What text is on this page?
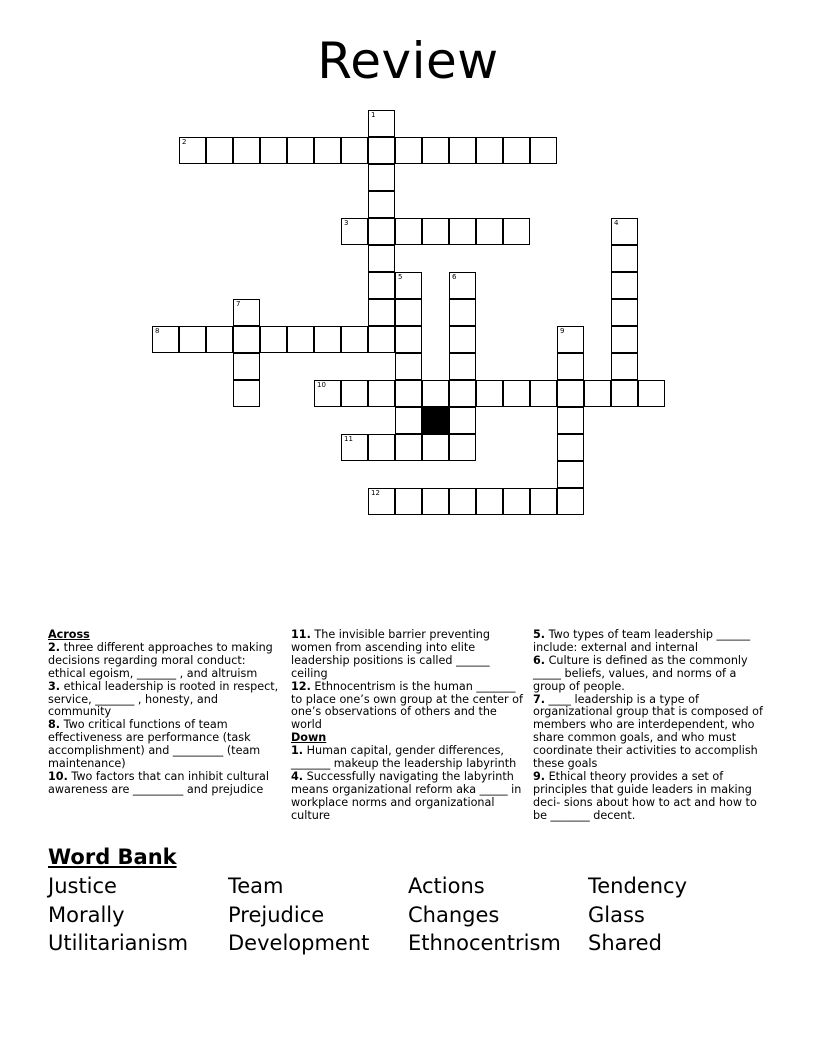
Review
1
2
3	4
5	6
7
8	9
10
11
12
Across
2. three different approaches to making decisions regarding moral conduct: ethical egoism, _______ , and altruism
3. ethical leadership is rooted in respect, service, _______ , honesty, and community
8. Two critical functions of team effectiveness are performance (task accomplishment) and _________ (team maintenance)
10. Two factors that can inhibit cultural awareness are _________ and prejudice
11. The invisible barrier preventing women from ascending into elite leadership positions is called ______ ceiling
12. Ethnocentrism is the human _______ to place one’s own group at the center of one’s observations of others and the world
Down
1. Human capital, gender differences, _______ makeup the leadership labyrinth
4. Successfully navigating the labyrinth means organizational reform aka _____ in workplace norms and organizational culture
5. Two types of team leadership ______ include: external and internal
6. Culture is defined as the commonly _____ beliefs, values, and norms of a group of people.
7. ____ leadership is a type of organizational group that is composed of members who are interdependent, who share common goals, and who must coordinate their activities to accomplish these goals
9. Ethical theory provides a set of principles that guide leaders in making deci- sions about how to act and how to be _______ decent.
Word Bank
Justice	Team	Actions	Tendency
Morally	Prejudice	Changes	Glass
Utilitarianism Development Ethnocentrism Shared
